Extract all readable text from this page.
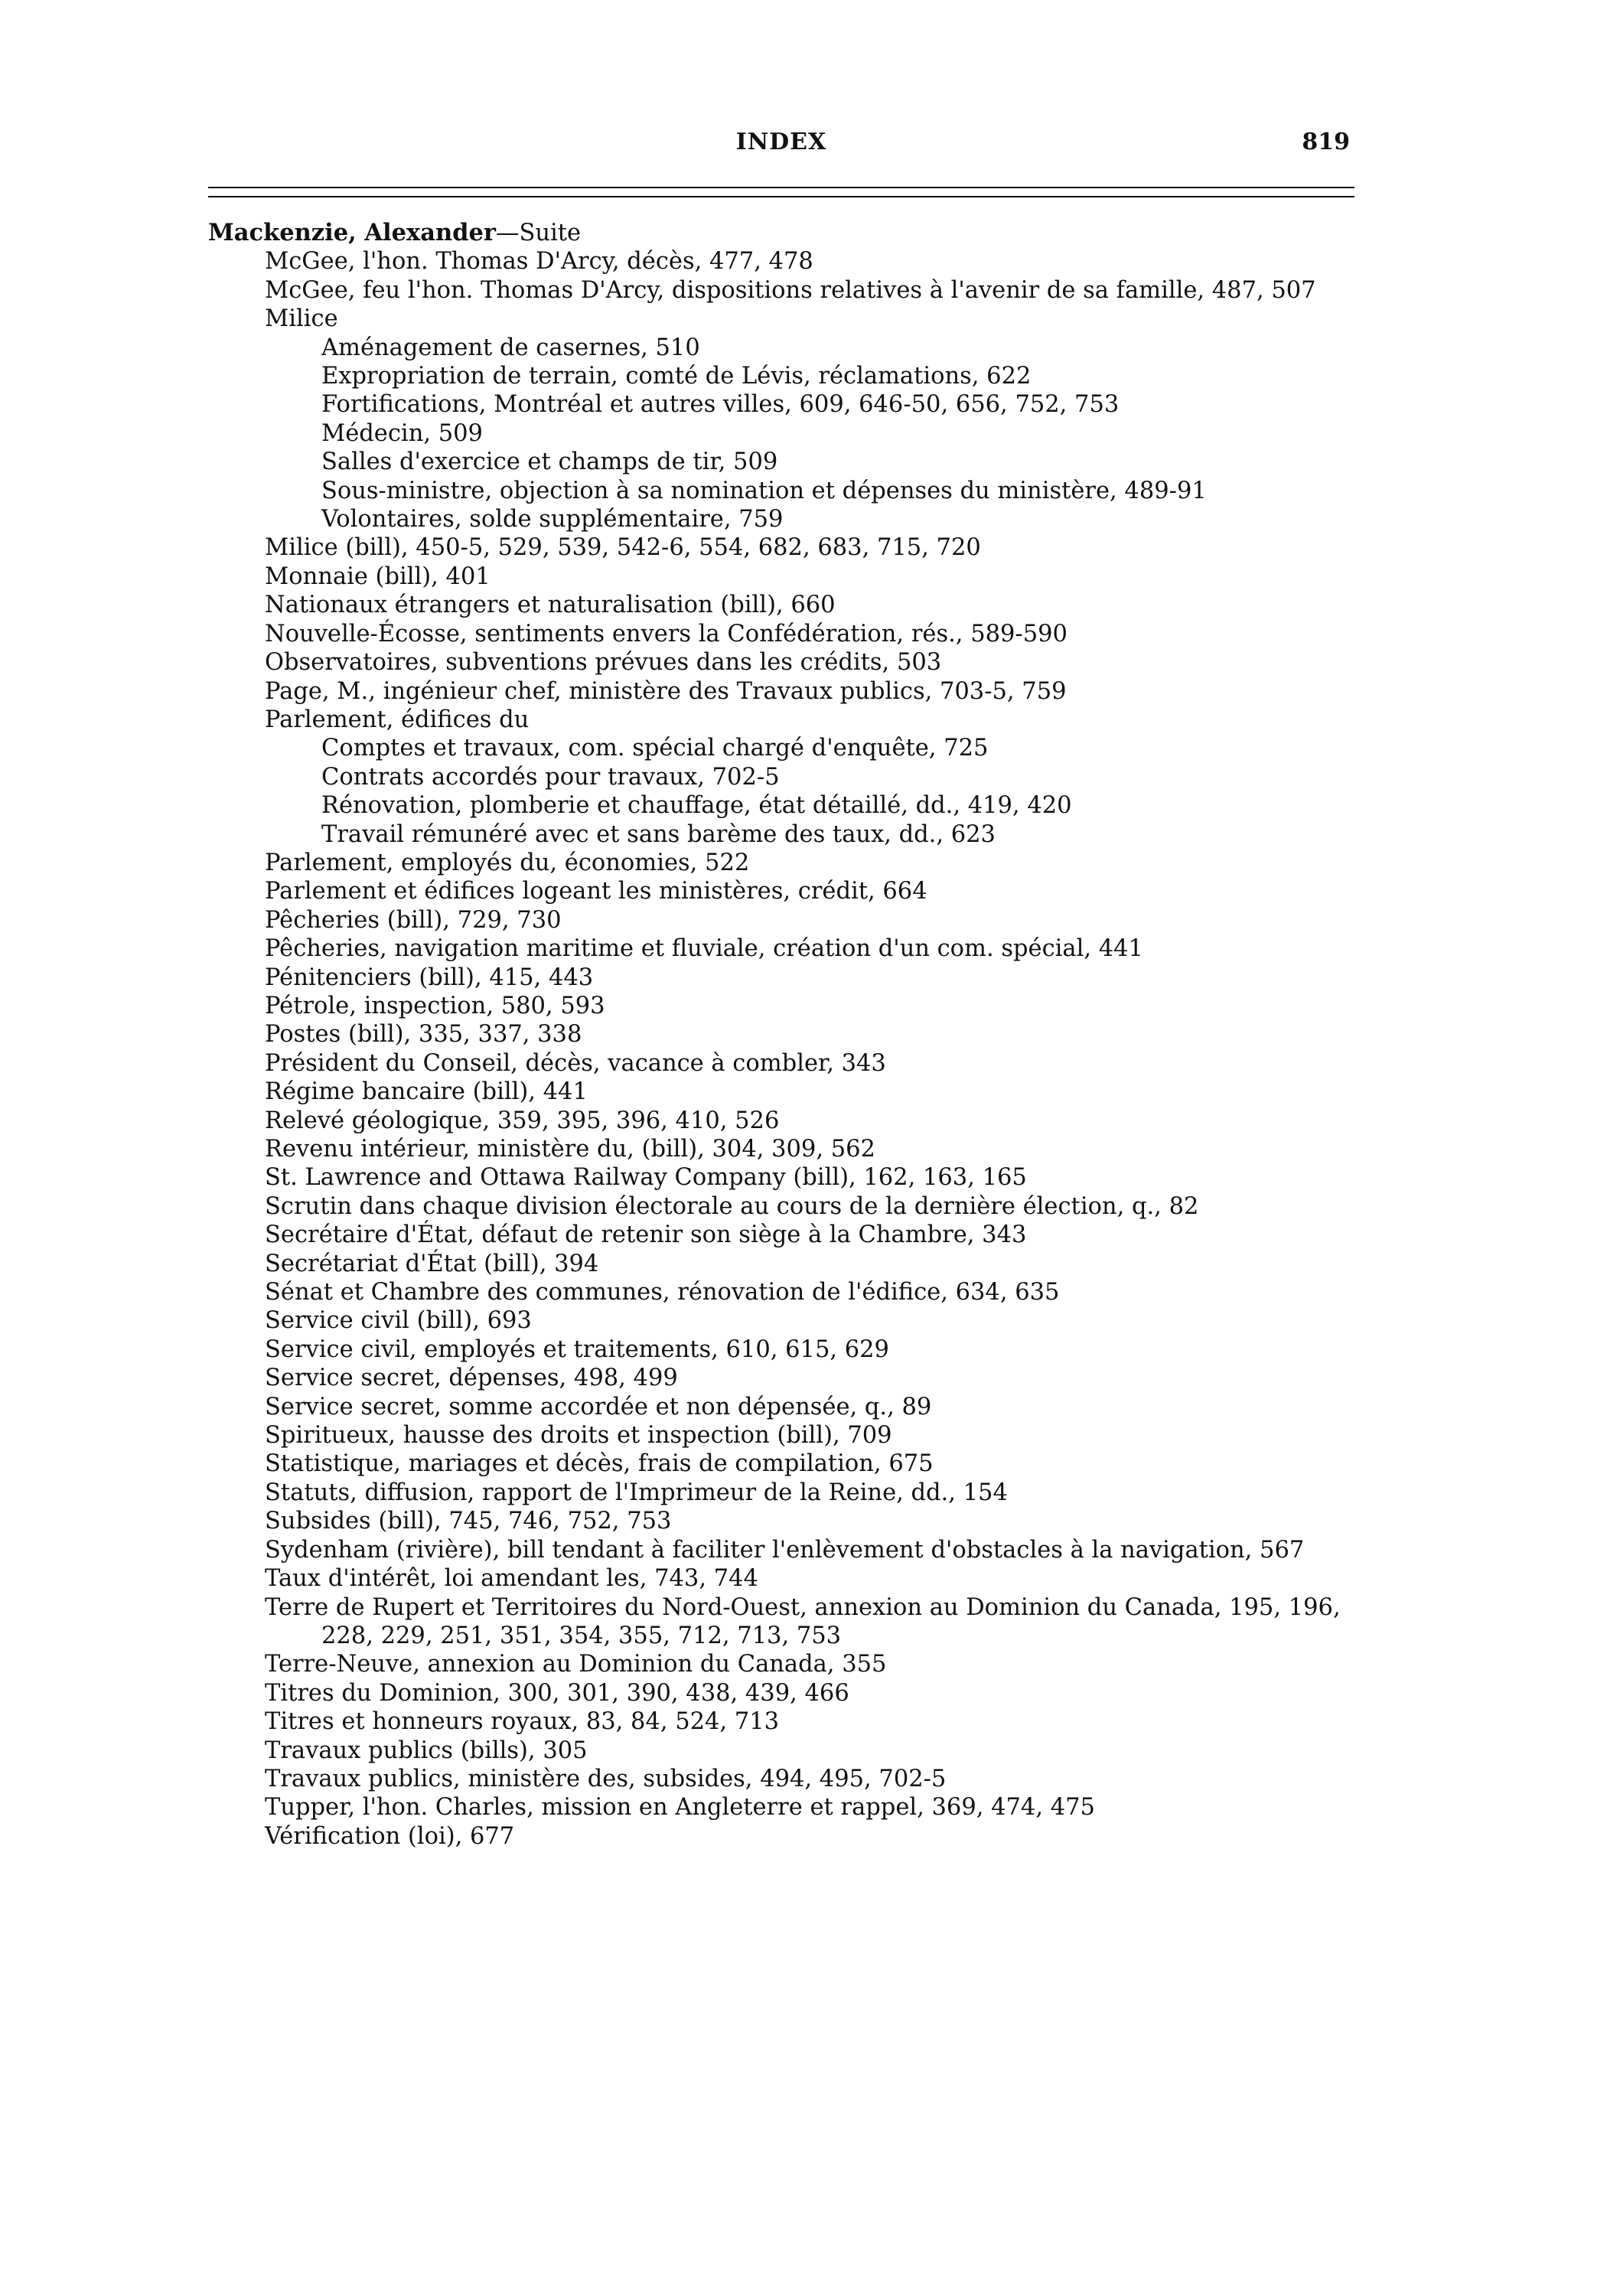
INDEX	819
Mackenzie, Alexander—Suite
McGee, l'hon. Thomas D'Arcy, décès, 477, 478
McGee, feu l'hon. Thomas D'Arcy, dispositions relatives à l'avenir de sa famille, 487, 507
Milice
Aménagement de casernes, 510
Expropriation de terrain, comté de Lévis, réclamations, 622
Fortifications, Montréal et autres villes, 609, 646-50, 656, 752, 753
Médecin, 509
Salles d'exercice et champs de tir, 509
Sous-ministre, objection à sa nomination et dépenses du ministère, 489-91
Volontaires, solde supplémentaire, 759
Milice (bill), 450-5, 529, 539, 542-6, 554, 682, 683, 715, 720
Monnaie (bill), 401
Nationaux étrangers et naturalisation (bill), 660
Nouvelle-Écosse, sentiments envers la Confédération, rés., 589-590
Observatoires, subventions prévues dans les crédits, 503
Page, M., ingénieur chef, ministère des Travaux publics, 703-5, 759
Parlement, édifices du
Comptes et travaux, com. spécial chargé d'enquête, 725
Contrats accordés pour travaux, 702-5
Rénovation, plomberie et chauffage, état détaillé, dd., 419, 420
Travail rémunéré avec et sans barème des taux, dd., 623
Parlement, employés du, économies, 522
Parlement et édifices logeant les ministères, crédit, 664
Pêcheries (bill), 729, 730
Pêcheries, navigation maritime et fluviale, création d'un com. spécial, 441
Pénitenciers (bill), 415, 443
Pétrole, inspection, 580, 593
Postes (bill), 335, 337, 338
Président du Conseil, décès, vacance à combler, 343
Régime bancaire (bill), 441
Relevé géologique, 359, 395, 396, 410, 526
Revenu intérieur, ministère du, (bill), 304, 309, 562
St. Lawrence and Ottawa Railway Company (bill), 162, 163, 165
Scrutin dans chaque division électorale au cours de la dernière élection, q., 82
Secrétaire d'État, défaut de retenir son siège à la Chambre, 343
Secrétariat d'État (bill), 394
Sénat et Chambre des communes, rénovation de l'édifice, 634, 635
Service civil (bill), 693
Service civil, employés et traitements, 610, 615, 629
Service secret, dépenses, 498, 499
Service secret, somme accordée et non dépensée, q., 89
Spiritueux, hausse des droits et inspection (bill), 709
Statistique, mariages et décès, frais de compilation, 675
Statuts, diffusion, rapport de l'Imprimeur de la Reine, dd., 154
Subsides (bill), 745, 746, 752, 753
Sydenham (rivière), bill tendant à faciliter l'enlèvement d'obstacles à la navigation, 567
Taux d'intérêt, loi amendant les, 743, 744
Terre de Rupert et Territoires du Nord-Ouest, annexion au Dominion du Canada, 195, 196, 228, 229, 251, 351, 354, 355, 712, 713, 753
Terre-Neuve, annexion au Dominion du Canada, 355
Titres du Dominion, 300, 301, 390, 438, 439, 466
Titres et honneurs royaux, 83, 84, 524, 713
Travaux publics (bills), 305
Travaux publics, ministère des, subsides, 494, 495, 702-5
Tupper, l'hon. Charles, mission en Angleterre et rappel, 369, 474, 475
Vérification (loi), 677
